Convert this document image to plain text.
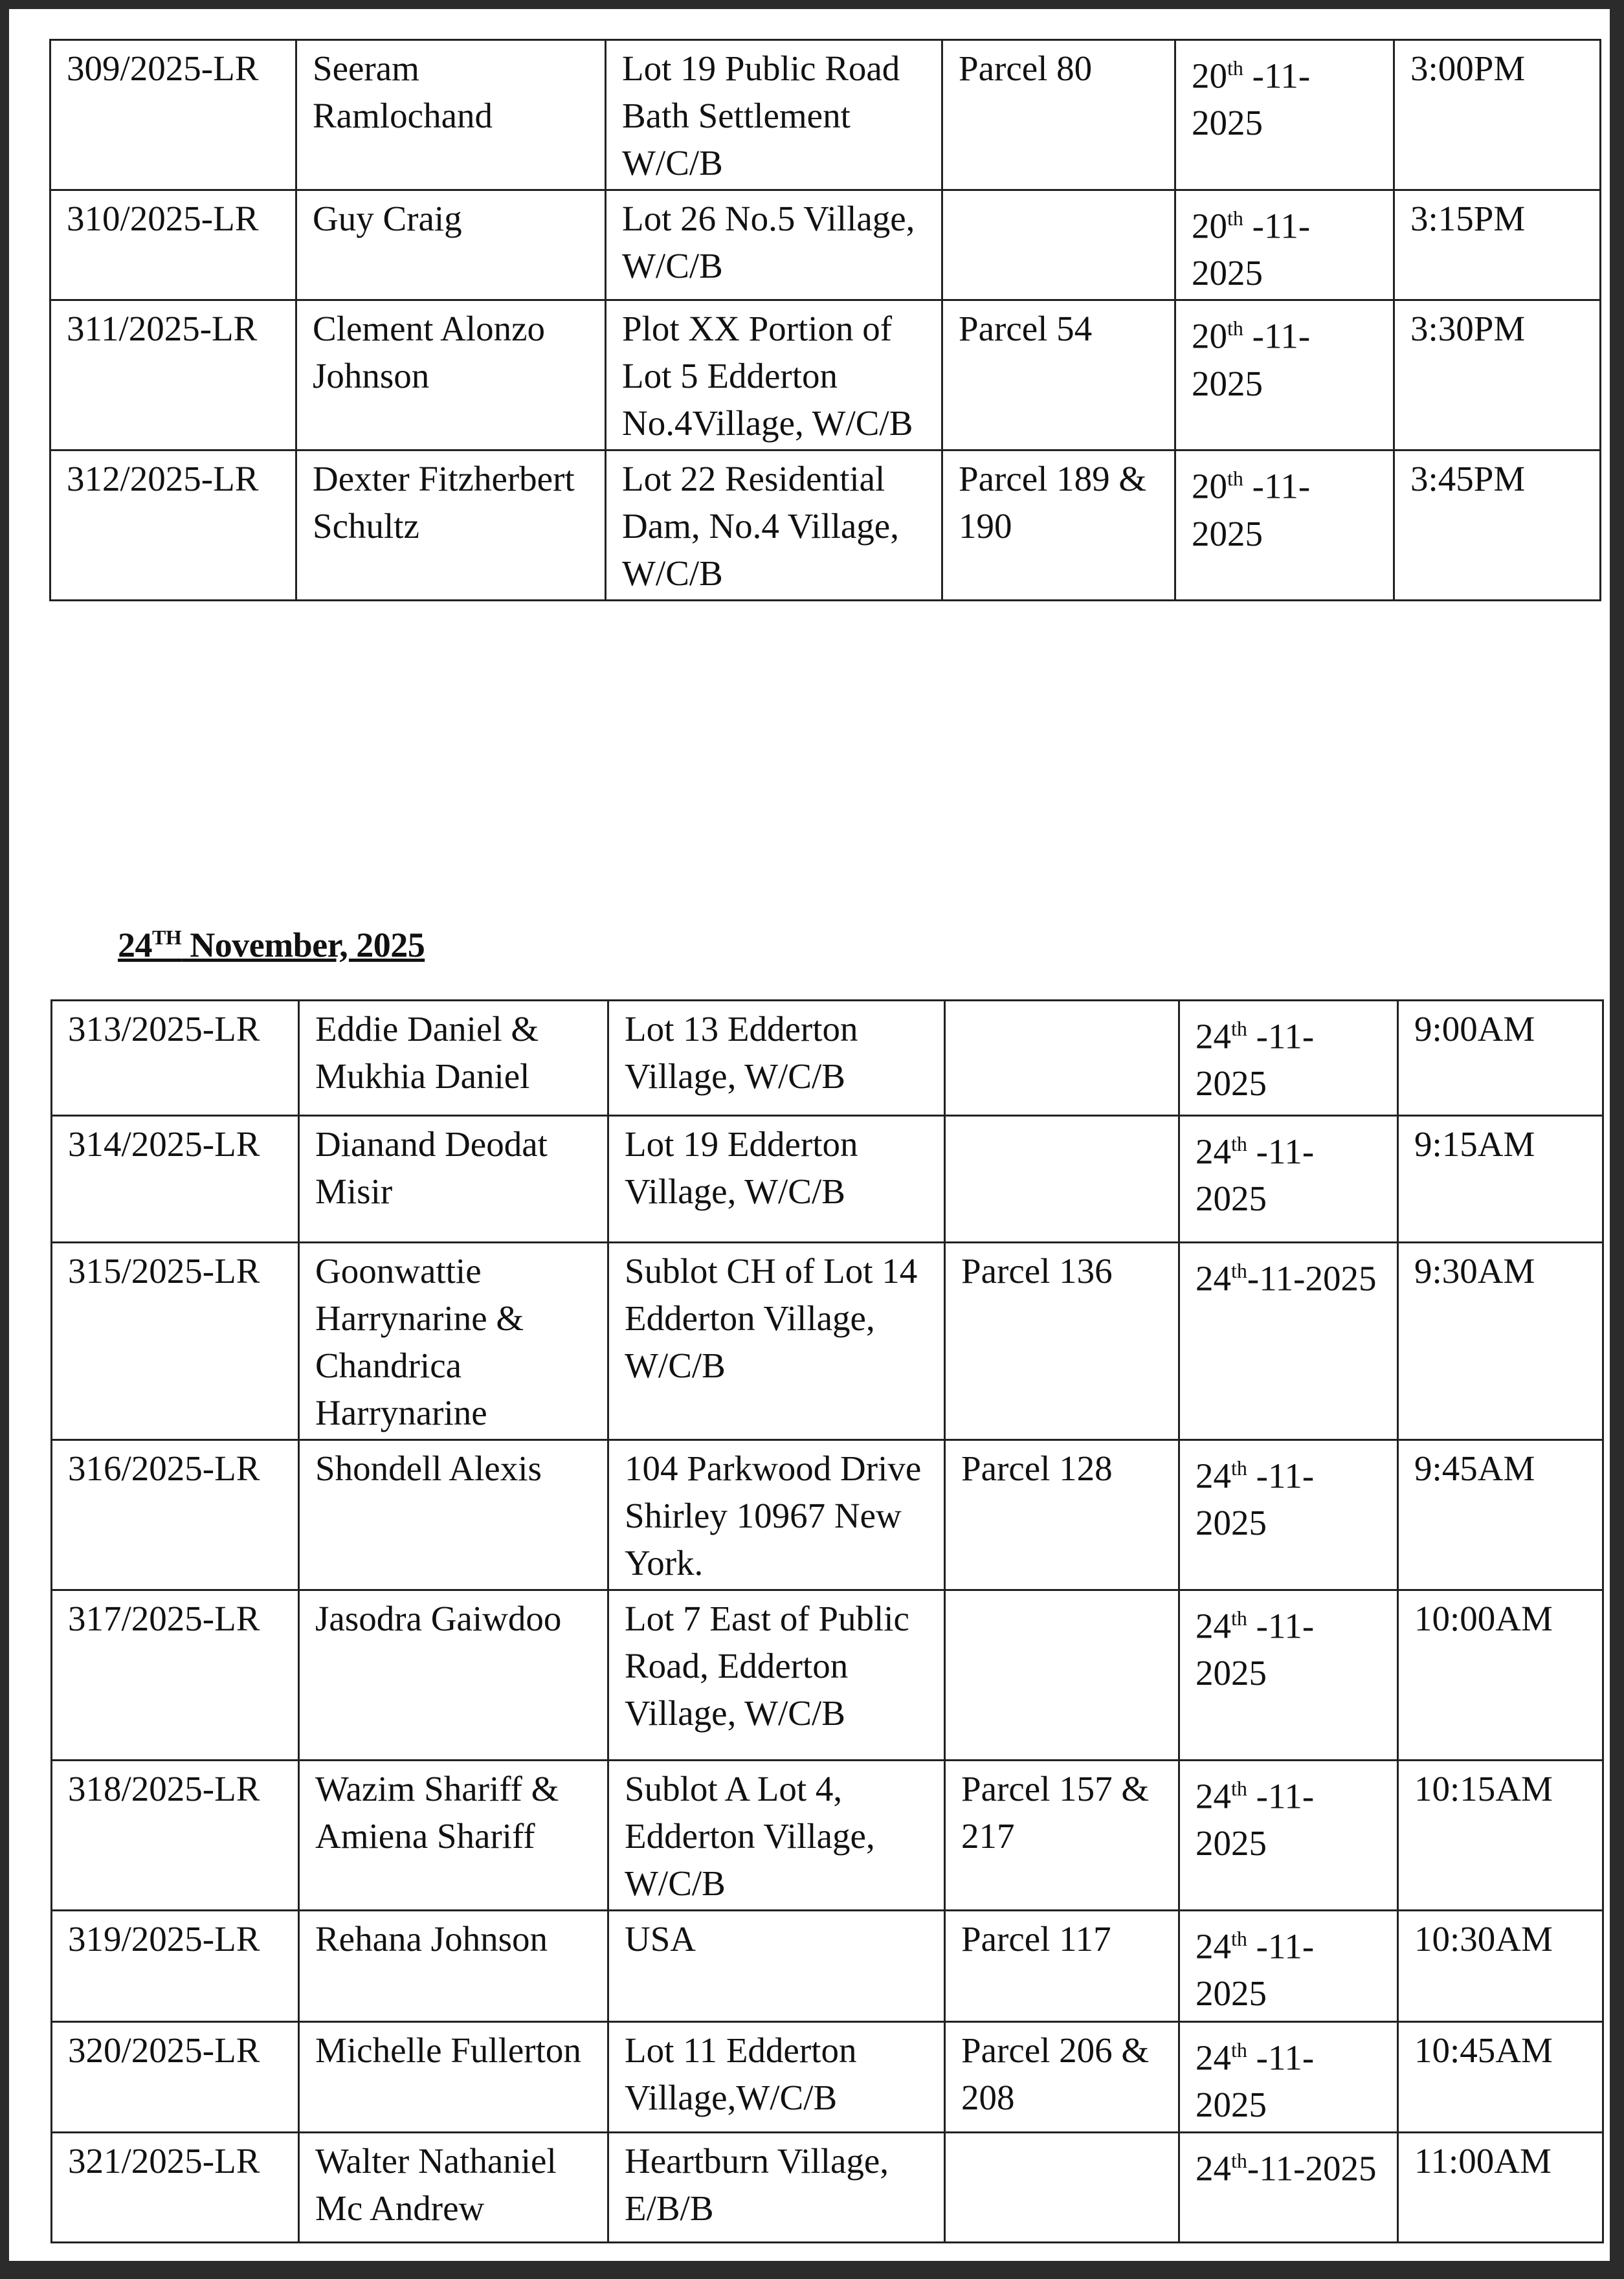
309/2025-LR	Seeram Ramlochand	Lot 19 Public Road Bath Settlement W/C/B	Parcel 80	20th -11-2025	3:00PM
310/2025-LR	Guy Craig	Lot 26 No.5 Village, W/C/B		20th -11-2025	3:15PM
311/2025-LR	Clement Alonzo Johnson	Plot XX Portion of Lot 5 Edderton No.4Village, W/C/B	Parcel 54	20th -11-2025	3:30PM
312/2025-LR	Dexter Fitzherbert Schultz	Lot 22 Residential Dam, No.4 Village, W/C/B	Parcel 189 & 190	20th -11-2025	3:45PM
24TH November, 2025
313/2025-LR	Eddie Daniel & Mukhia Daniel	Lot 13 Edderton Village, W/C/B		24th -11-2025	9:00AM
314/2025-LR	Dianand Deodat Misir	Lot 19 Edderton Village, W/C/B		24th -11-2025	9:15AM
315/2025-LR	Goonwattie Harrynarine & Chandrica Harrynarine	Sublot CH of Lot 14 Edderton Village, W/C/B	Parcel 136	24th-11-2025	9:30AM
316/2025-LR	Shondell Alexis	104 Parkwood Drive Shirley 10967 New York.	Parcel 128	24th -11-2025	9:45AM
317/2025-LR	Jasodra Gaiwdoo	Lot 7 East of Public Road, Edderton Village, W/C/B		24th -11-2025	10:00AM
318/2025-LR	Wazim Shariff & Amiena Shariff	Sublot A Lot 4, Edderton Village, W/C/B	Parcel 157 & 217	24th -11-2025	10:15AM
319/2025-LR	Rehana Johnson	USA	Parcel 117	24th -11-2025	10:30AM
320/2025-LR	Michelle Fullerton	Lot 11 Edderton Village,W/C/B	Parcel 206 & 208	24th -11-2025	10:45AM
321/2025-LR	Walter Nathaniel Mc Andrew	Heartburn Village, E/B/B		24th-11-2025	11:00AM
